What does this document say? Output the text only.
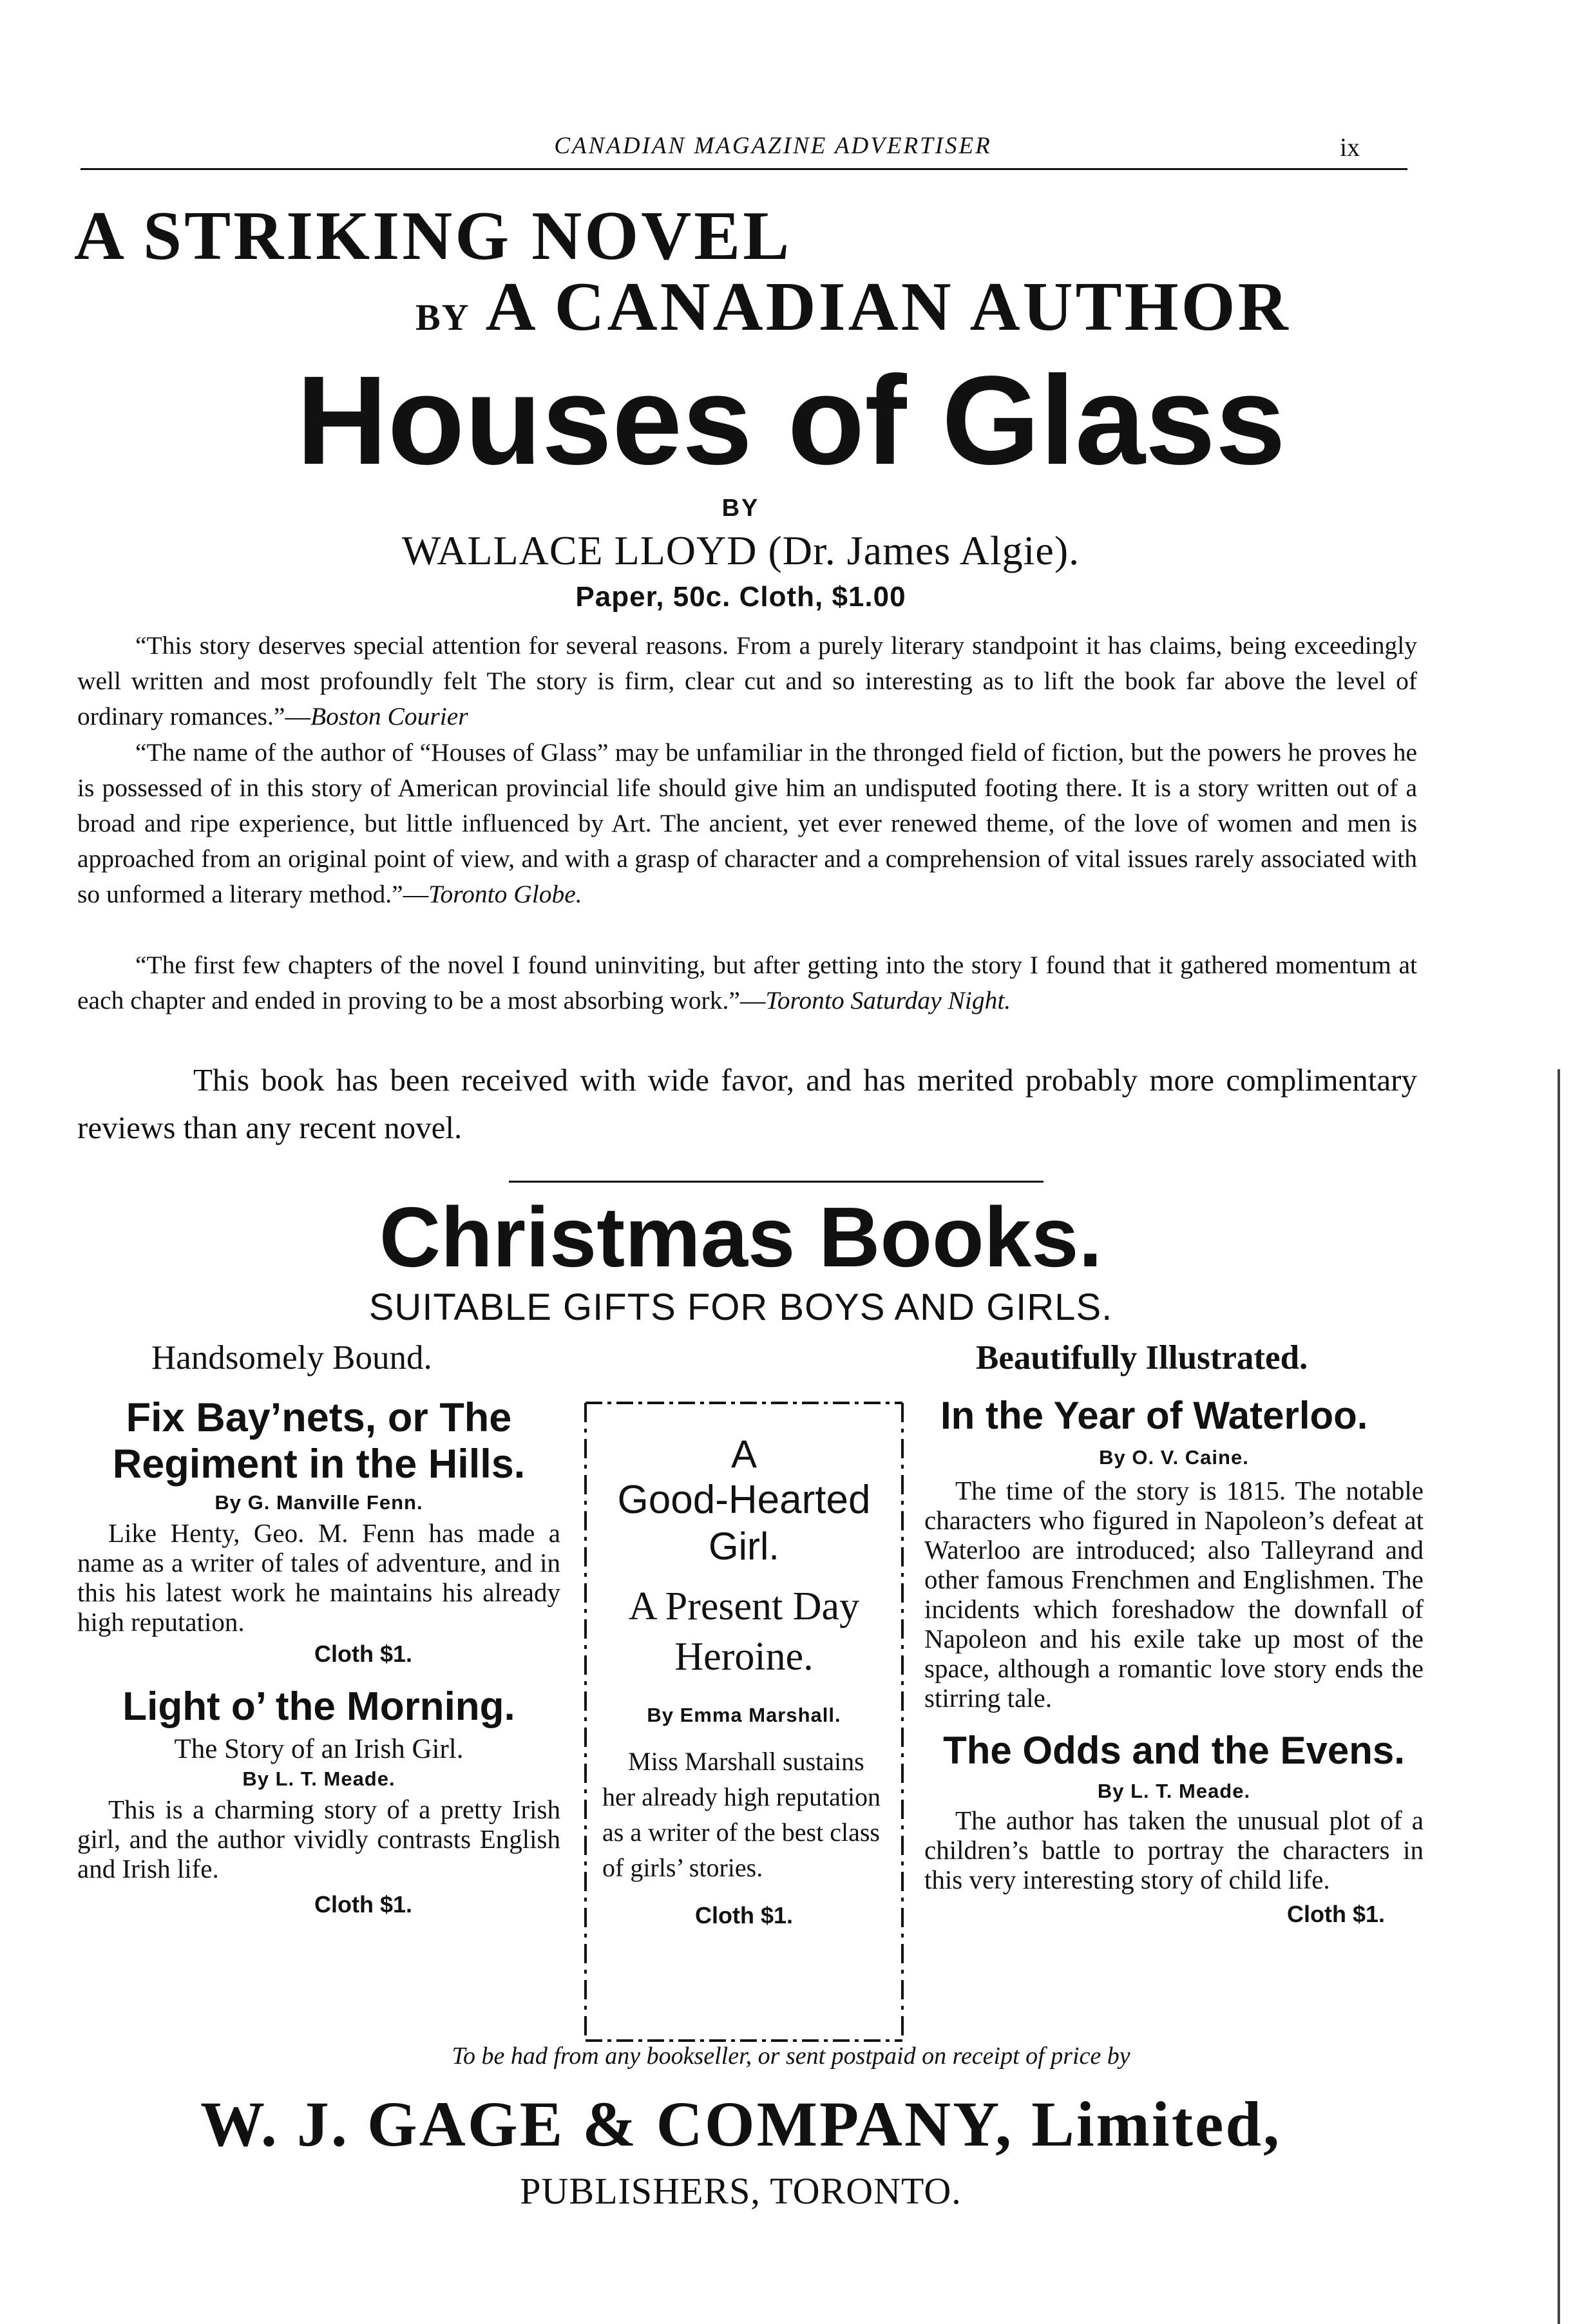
CANADIAN MAGAZINE ADVERTISER	ix
A STRIKING NOVEL
BY A CANADIAN AUTHOR
Houses of Glass
BY
WALLACE LLOYD (Dr. James Algie).
Paper, 50c. Cloth, $1.00

“This story deserves special attention for several reasons. From a purely literary standpoint it has claims, being exceedingly well written and most profoundly felt The story is firm, clear cut and so interesting as to lift the book far above the level of ordinary romances.”—Boston Courier

“The name of the author of “Houses of Glass” may be unfamiliar in the thronged field of fiction, but the powers he proves he is possessed of in this story of American provincial life should give him an undisputed footing there. It is a story written out of a broad and ripe experience, but little influenced by Art. The ancient, yet ever renewed theme, of the love of women and men is approached from an original point of view, and with a grasp of character and a comprehension of vital issues rarely associated with so unformed a literary method.”—Toronto Globe.

“The first few chapters of the novel I found uninviting, but after getting into the story I found that it gathered momentum at each chapter and ended in proving to be a most absorbing work.”—Toronto Saturday Night.

This book has been received with wide favor, and has merited probably more complimentary reviews than any recent novel.

Christmas Books.
SUITABLE GIFTS FOR BOYS AND GIRLS.
Handsomely Bound.	Beautifully Illustrated.
Fix Bay’nets, or The Regiment in the Hills.
By G. Manville Fenn.

Like Henty, Geo. M. Fenn has made a name as a writer of tales of adventure, and in this his latest work he maintains his already high reputation.

Cloth $1.
Light o’ the Morning.
The Story of an Irish Girl.
By L. T. Meade.

This is a charming story of a pretty Irish girl, and the author vividly contrasts English and Irish life.

Cloth $1.
A
Good-Hearted
Girl.
A Present Day Heroine.
By Emma Marshall.

Miss Marshall sustains her already high reputation as a writer of the best class of girls’ stories.

Cloth $1.
In the Year of Waterloo.
By O. V. Caine.

The time of the story is 1815. The notable characters who figured in Napoleon’s defeat at Waterloo are introduced; also Talleyrand and other famous Frenchmen and Englishmen. The incidents which foreshadow the downfall of Napoleon and his exile take up most of the space, although a romantic love story ends the stirring tale.

The Odds and the Evens.
By L. T. Meade.

The author has taken the unusual plot of a children’s battle to portray the characters in this very interesting story of child life.

Cloth $1.
To be had from any bookseller, or sent postpaid on receipt of price by
W. J. GAGE & COMPANY, Limited,
PUBLISHERS, TORONTO.
